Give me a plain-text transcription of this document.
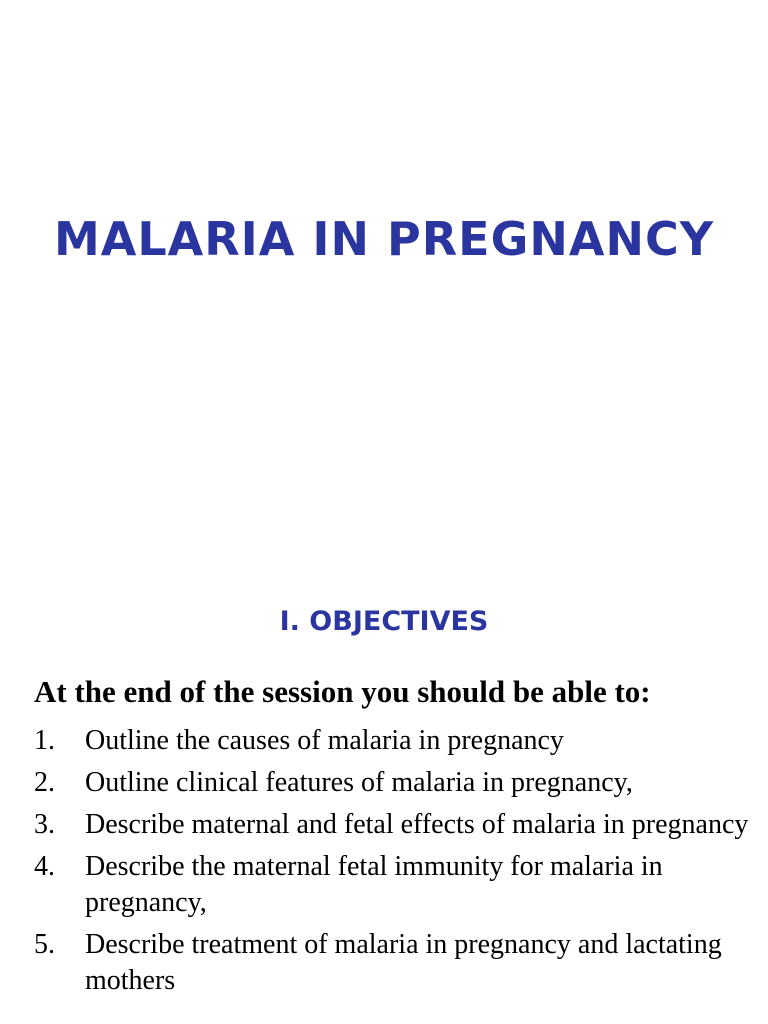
MALARIA IN PREGNANCY
I. OBJECTIVES

At the end of the session you should be able to:

1.	Outline the causes of malaria in pregnancy
2.	Outline clinical features of malaria in pregnancy,
3.	Describe maternal and fetal effects of malaria in pregnancy
4.	Describe the maternal fetal immunity for malaria in pregnancy,
5.	Describe treatment of malaria in pregnancy and lactating mothers
